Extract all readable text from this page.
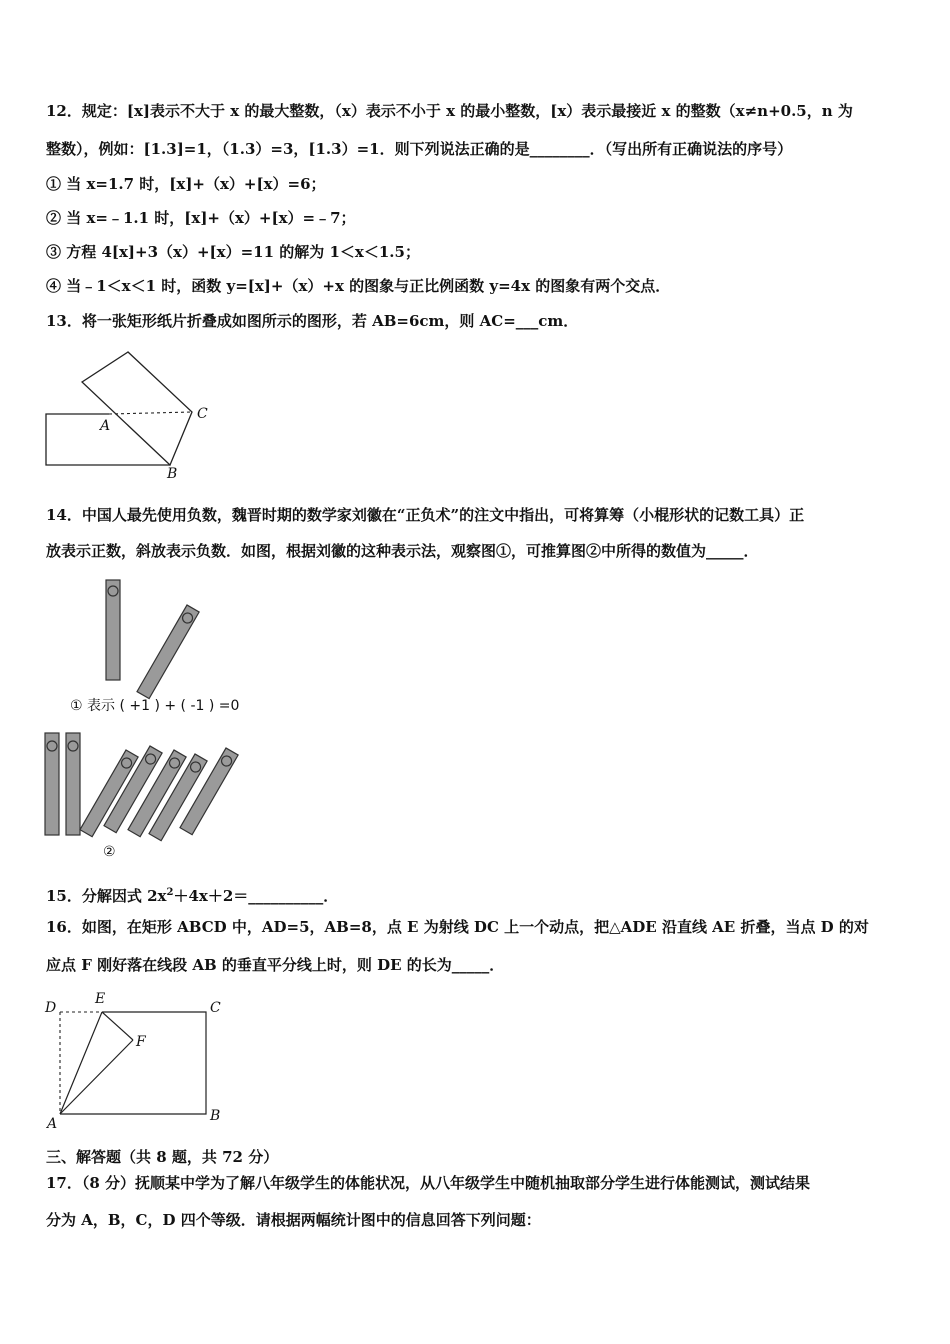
12．规定：[x]表示不大于 x 的最大整数，（x）表示不小于 x 的最小整数，[x）表示最接近 x 的整数（x≠n+0.5，n 为
整数），例如：[1.3]=1，（1.3）=3，[1.3）=1．则下列说法正确的是________．（写出所有正确说法的序号）
① 当 x=1.7 时，[x]+（x）+[x）=6；
② 当 x=﹣1.1 时，[x]+（x）+[x）=﹣7；
③ 方程 4[x]+3（x）+[x）=11 的解为 1＜x＜1.5；
④ 当﹣1＜x＜1 时，函数 y=[x]+（x）+x 的图象与正比例函数 y=4x 的图象有两个交点．
13．将一张矩形纸片折叠成如图所示的图形，若 AB=6cm，则 AC=___cm．
A
B
C
14．中国人最先使用负数，魏晋时期的数学家刘徽在“正负术”的注文中指出，可将算筹（小棍形状的记数工具）正
放表示正数，斜放表示负数．如图，根据刘徽的这种表示法，观察图①，可推算图②中所得的数值为_____．
① 表示 ( +1 ) + ( -1 ) =0
②
15．分解因式 $2x^2+4x+2=\_\_\_\_\_\_\_\_\_\_$．
16．如图，在矩形 ABCD 中，AD=5，AB=8，点 E 为射线 DC 上一个动点，把△ADE 沿直线 AE 折叠，当点 D 的对
应点 F 刚好落在线段 AB 的垂直平分线上时，则 DE 的长为_____．
D
E
C
F
A	B
三、解答题（共 8 题，共 72 分）
17．（8 分）抚顺某中学为了解八年级学生的体能状况，从八年级学生中随机抽取部分学生进行体能测试，测试结果
分为 A，B，C，D 四个等级．请根据两幅统计图中的信息回答下列问题：
